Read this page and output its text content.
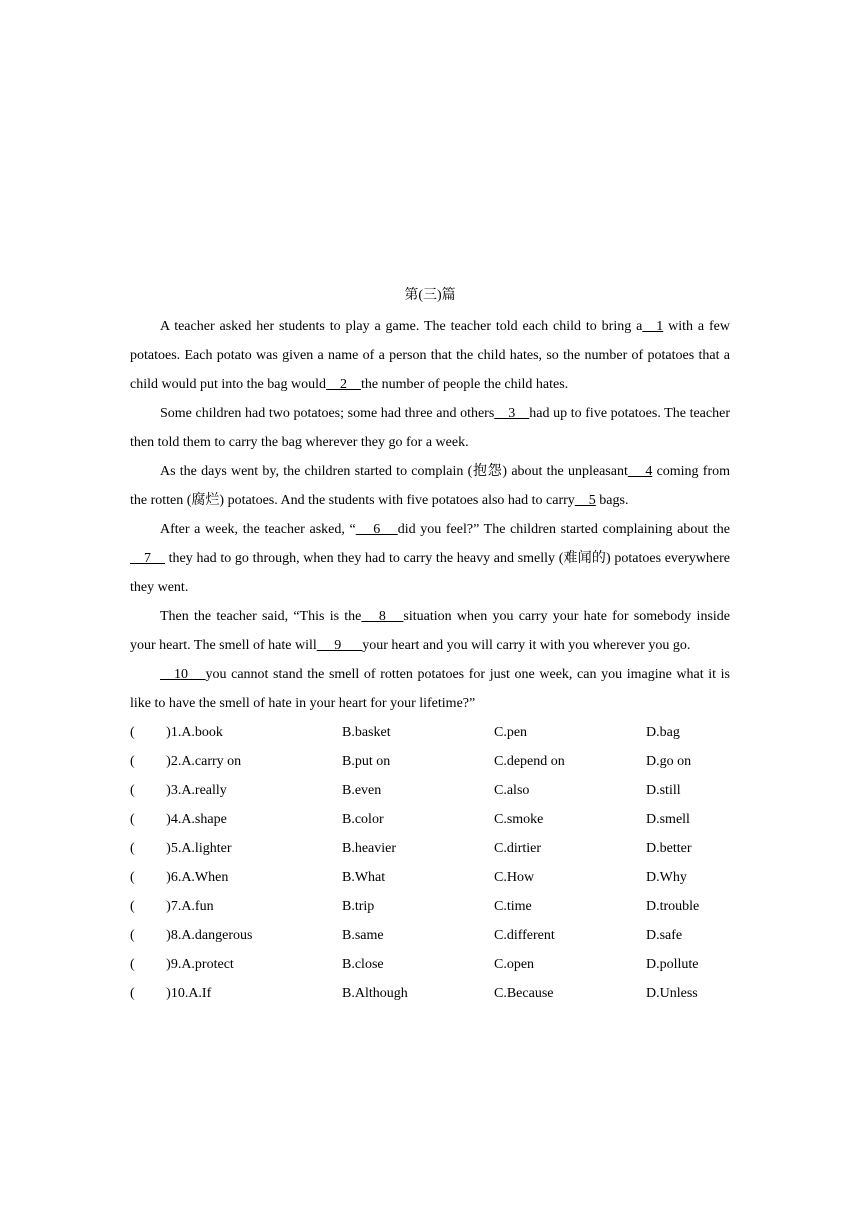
第(三)篇

A teacher asked her students to play a game. The teacher told each child to bring a    1 with a few potatoes. Each potato was given a name of a person that the child hates, so the number of potatoes that a child would put into the bag would    2    the number of people the child hates.

Some children had two potatoes; some had three and others    3    had up to five potatoes. The teacher then told them to carry the bag wherever they go for a week.

As the days went by, the children started to complain (抱怨) about the unpleasant     4 coming from the rotten (腐烂) potatoes. And the students with five potatoes also had to carry    5 bags.

After a week, the teacher asked, “     6     did you feel?” The children started complaining about the    7     they had to go through, when they had to carry the heavy and smelly (难闻的) potatoes everywhere they went.

Then the teacher said, “This is the     8     situation when you carry your hate for somebody inside your heart. The smell of hate will     9      your heart and you will carry it with you wherever you go.

10     you cannot stand the smell of rotten potatoes for just one week, can you imagine what it is like to have the smell of hate in your heart for your lifetime?”

(         )1.A.book	B.basket	C.pen	D.bag
(         )2.A.carry on	B.put on	C.depend on	D.go on
(         )3.A.really	B.even	C.also	D.still
(         )4.A.shape	B.color	C.smoke	D.smell
(         )5.A.lighter	B.heavier	C.dirtier	D.better
(         )6.A.When	B.What	C.How	D.Why
(         )7.A.fun	B.trip	C.time	D.trouble
(         )8.A.dangerous	B.same	C.different	D.safe
(         )9.A.protect	B.close	C.open	D.pollute
(         )10.A.If	B.Although	C.Because	D.Unless
